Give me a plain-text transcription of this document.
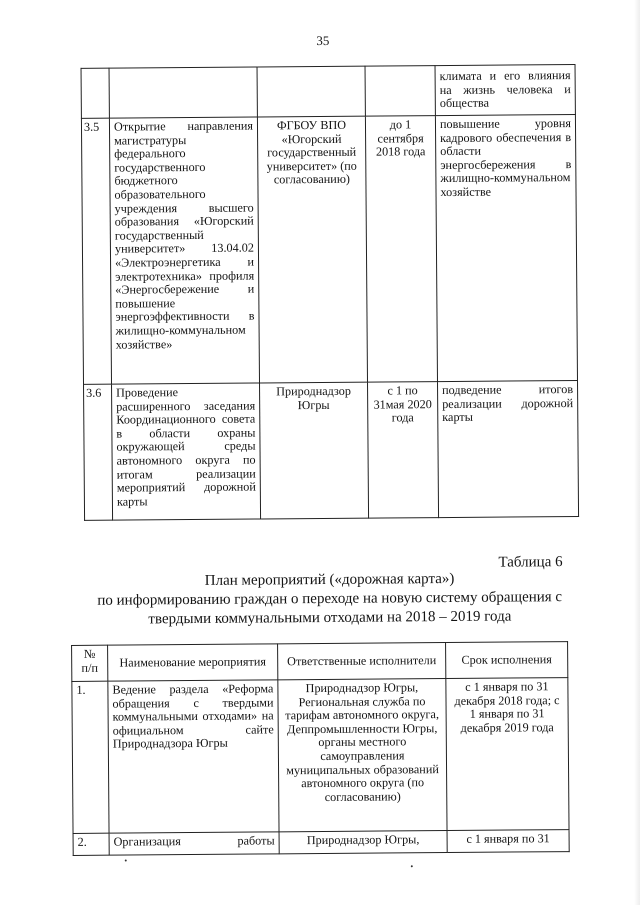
35
				климата и его влияния на жизнь человека и общества
3.5	Открытие направления магистратуры федерального государственного бюджетного образовательного учреждения высшего образования «Югорский государственный университет» 13.04.02 «Электроэнергетика и электротехника» профиля «Энергосбережение и повышение энергоэффективности в жилищно-коммунальном хозяйстве»	ФГБОУ ВПО «Югорский государственный университет» (по согласованию)	до 1 сентября 2018 года	повышение уровня кадрового обеспечения в области энергосбережения в жилищно-коммунальном хозяйстве
3.6	Проведение расширенного заседания Координационного совета в области охраны окружающей среды автономного округа по итогам реализации мероприятий дорожной карты	Природнадзор Югры	с 1 по 31мая 2020 года	подведение итогов реализации дорожной карты
Таблица 6
План мероприятий («дорожная карта»)
по информированию граждан о переходе на новую систему обращения с
твердыми коммунальными отходами на 2018 – 2019 года
№ п/п	Наименование мероприятия	Ответственные исполнители	Срок исполнения
1.	Ведение раздела «Реформа обращения с твердыми коммунальными отходами» на официальном сайте Природнадзора Югры	Природнадзор Югры, Региональная служба по тарифам автономного округа, Деппромышленности Югры, органы местного самоуправления муниципальных образований автономного округа (по согласованию)	с 1 января по 31 декабря 2018 года; с 1 января по 31 декабря 2019 года
2.	Организация работы	Природнадзор Югры,	с 1 января по 31
